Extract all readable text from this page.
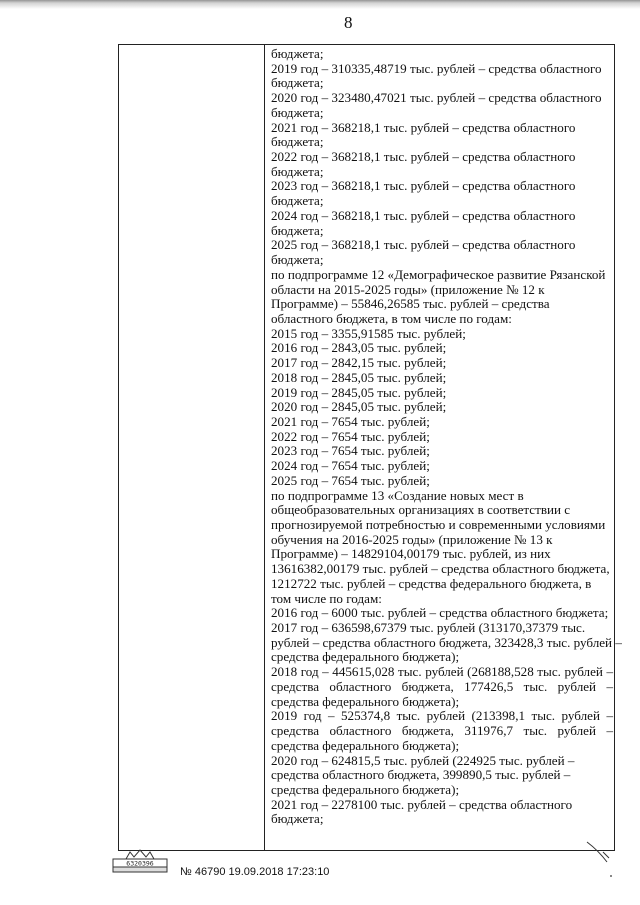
8
бюджета;
2019 год – 310335,48719 тыс. рублей – средства областного
бюджета;
2020 год – 323480,47021 тыс. рублей – средства областного
бюджета;
2021 год – 368218,1 тыс. рублей – средства областного
бюджета;
2022 год – 368218,1 тыс. рублей – средства областного
бюджета;
2023 год – 368218,1 тыс. рублей – средства областного
бюджета;
2024 год – 368218,1 тыс. рублей – средства областного
бюджета;
2025 год – 368218,1 тыс. рублей – средства областного
бюджета;
по подпрограмме 12 «Демографическое развитие Рязанской
области на 2015-2025 годы» (приложение № 12 к
Программе) – 55846,26585 тыс. рублей – средства
областного бюджета, в том числе по годам:
2015 год – 3355,91585 тыс. рублей;
2016 год – 2843,05 тыс. рублей;
2017 год – 2842,15 тыс. рублей;
2018 год – 2845,05 тыс. рублей;
2019 год – 2845,05 тыс. рублей;
2020 год – 2845,05 тыс. рублей;
2021 год – 7654 тыс. рублей;
2022 год – 7654 тыс. рублей;
2023 год – 7654 тыс. рублей;
2024 год – 7654 тыс. рублей;
2025 год – 7654 тыс. рублей;
по подпрограмме 13 «Создание новых мест в
общеобразовательных организациях в соответствии с
прогнозируемой потребностью и современными условиями
обучения на 2016-2025 годы» (приложение № 13 к
Программе) – 14829104,00179 тыс. рублей, из них
13616382,00179 тыс. рублей – средства областного бюджета,
1212722 тыс. рублей – средства федерального бюджета, в
том числе по годам:
2016 год – 6000 тыс. рублей – средства областного бюджета;
2017 год – 636598,67379 тыс. рублей (313170,37379 тыс.
рублей – средства областного бюджета, 323428,3 тыс. рублей –
средства федерального бюджета);
2018 год – 445615,028 тыс. рублей (268188,528 тыс. рублей –
средства областного бюджета, 177426,5 тыс. рублей –
средства федерального бюджета);
2019 год – 525374,8 тыс. рублей (213398,1 тыс. рублей –
средства областного бюджета, 311976,7 тыс. рублей –
средства федерального бюджета);
2020 год – 624815,5 тыс. рублей (224925 тыс. рублей –
средства областного бюджета, 399890,5 тыс. рублей –
средства федерального бюджета);
2021 год – 2278100 тыс. рублей – средства областного
бюджета;
6320396
№ 46790 19.09.2018 17:23:10
